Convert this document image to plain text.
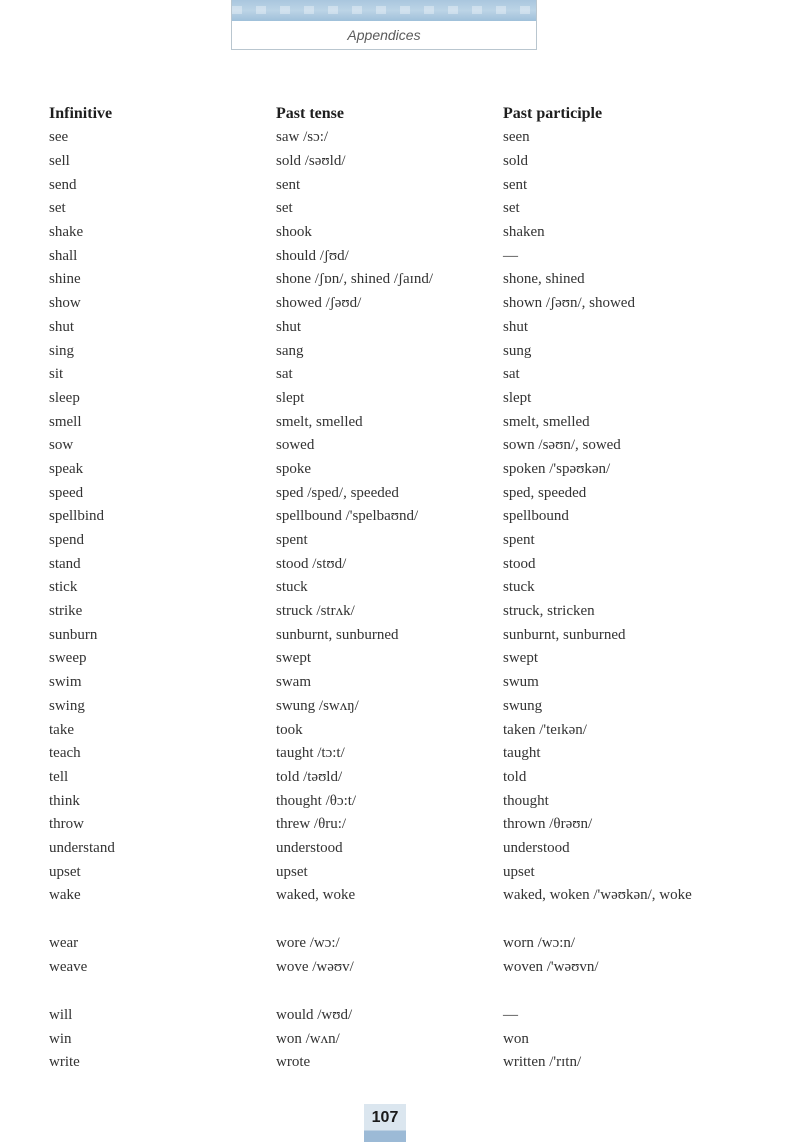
Appendices
Infinitive	Past tense	Past participle
see	saw /sɔ:/	seen
sell	sold /səʊld/	sold
send	sent	sent
set	set	set
shake	shook	shaken
shall	should /ʃʊd/	—
shine	shone /ʃɒn/, shined /ʃaɪnd/	shone, shined
show	showed /ʃəʊd/	shown /ʃəʊn/, showed
shut	shut	shut
sing	sang	sung
sit	sat	sat
sleep	slept	slept
smell	smelt, smelled	smelt, smelled
sow	sowed	sown /səʊn/, sowed
speak	spoke	spoken /'spəʊkən/
speed	sped /sped/, speeded	sped, speeded
spellbind	spellbound /'spelbaʊnd/	spellbound
spend	spent	spent
stand	stood /stʊd/	stood
stick	stuck	stuck
strike	struck /strʌk/	struck, stricken
sunburn	sunburnt, sunburned	sunburnt, sunburned
sweep	swept	swept
swim	swam	swum
swing	swung /swʌŋ/	swung
take	took	taken /'teɪkən/
teach	taught /tɔ:t/	taught
tell	told /təʊld/	told
think	thought /θɔ:t/	thought
throw	threw /θru:/	thrown /θrəʊn/
understand	understood	understood
upset	upset	upset
wake	waked, woke	waked, woken /'wəʊkən/, woke
wear	wore /wɔ:/	worn /wɔ:n/
weave	wove /wəʊv/	woven /'wəʊvn/
will	would /wʊd/	—
win	won /wʌn/	won
write	wrote	written /'rɪtn/
107
